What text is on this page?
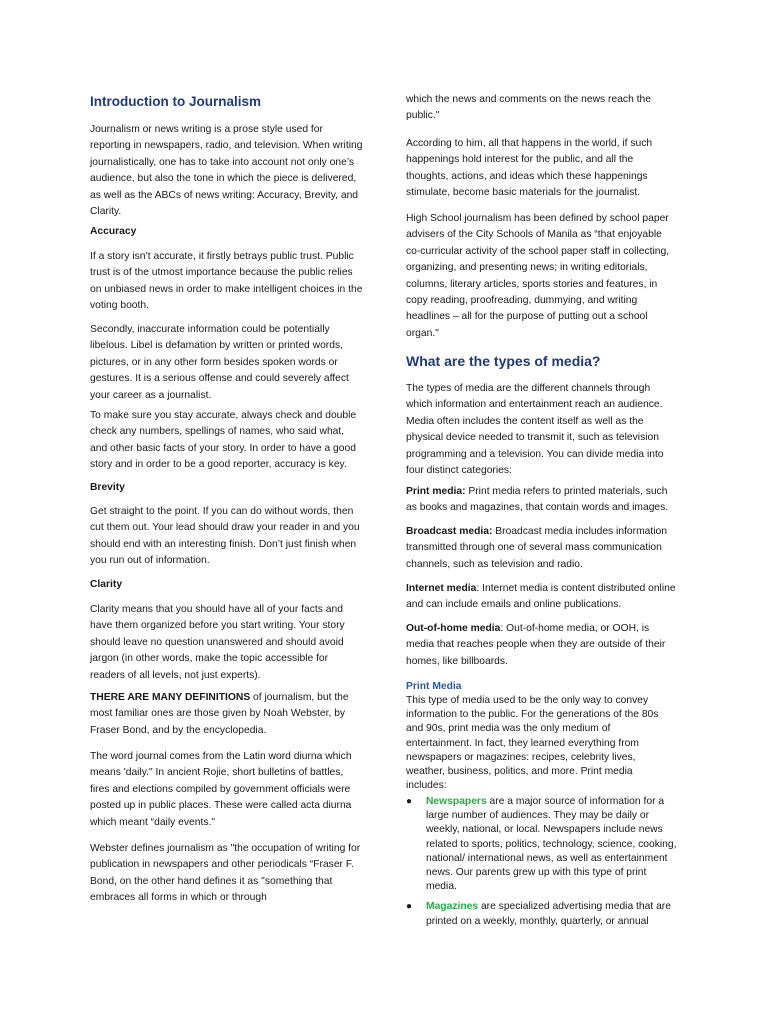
Introduction to Journalism

Journalism or news writing is a prose style used for reporting in newspapers, radio, and television. When writing journalistically, one has to take into account not only one’s audience, but also the tone in which the piece is delivered, as well as the ABCs of news writing: Accuracy, Brevity, and Clarity.

Accuracy

If a story isn’t accurate, it firstly betrays public trust. Public trust is of the utmost importance because the public relies on unbiased news in order to make intelligent choices in the voting booth.

Secondly, inaccurate information could be potentially libelous. Libel is defamation by written or printed words, pictures, or in any other form besides spoken words or gestures. It is a serious offense and could severely affect your career as a journalist.

To make sure you stay accurate, always check and double check any numbers, spellings of names, who said what, and other basic facts of your story. In order to have a good story and in order to be a good reporter, accuracy is key.

Brevity

Get straight to the point. If you can do without words, then cut them out. Your lead should draw your reader in and you should end with an interesting finish. Don’t just finish when you run out of information.

Clarity

Clarity means that you should have all of your facts and have them organized before you start writing. Your story should leave no question unanswered and should avoid jargon (in other words, make the topic accessible for readers of all levels, not just experts).

THERE ARE MANY DEFINITIONS of journalism, but the most familiar ones are those given by Noah Webster, by Fraser Bond, and by the encyclopedia.

The word journal comes from the Latin word diurna which means 'daily." In ancient Rojie, short bulletins of battles, fires and elections compiled by government officials were posted up in public places. These were called acta diurna which meant “daily events."

Webster defines journalism as "the occupation of writing for publication in newspapers and other periodicals “Fraser F. Bond, on the other hand defines it as "something that embraces all forms in which or through

which the news and comments on the news reach the public."

According to him, all that happens in the world, if such happenings hold interest for the public, and all the thoughts, actions, and ideas which these happenings stimulate, become basic materials for the journalist.

High School journalism has been defined by school paper advisers of the City Schools of Manila as “that enjoyable co-curricular activity of the school paper staff in collecting, organizing, and presenting news; in writing editorials, columns, literary articles, sports stories and features, in copy reading, proofreading, dummying, and writing headlines – all for the purpose of putting out a school organ."

What are the types of media?

The types of media are the different channels through which information and entertainment reach an audience. Media often includes the content itself as well as the physical device needed to transmit it, such as television programming and a television. You can divide media into four distinct categories:

Print media: Print media refers to printed materials, such as books and magazines, that contain words and images.

Broadcast media: Broadcast media includes information transmitted through one of several mass communication channels, such as television and radio.

Internet media: Internet media is content distributed online and can include emails and online publications.

Out-of-home media: Out-of-home media, or OOH, is media that reaches people when they are outside of their homes, like billboards.

Print Media

This type of media used to be the only way to convey information to the public. For the generations of the 80s and 90s, print media was the only medium of entertainment. In fact, they learned everything from newspapers or magazines: recipes, celebrity lives, weather, business, politics, and more. Print media includes:

● Newspapers are a major source of information for a large number of audiences. They may be daily or weekly, national, or local. Newspapers include news related to sports, politics, technology, science, cooking, national/ international news, as well as entertainment news. Our parents grew up with this type of print media.
● Magazines are specialized advertising media that are printed on a weekly, monthly, quarterly, or annual
